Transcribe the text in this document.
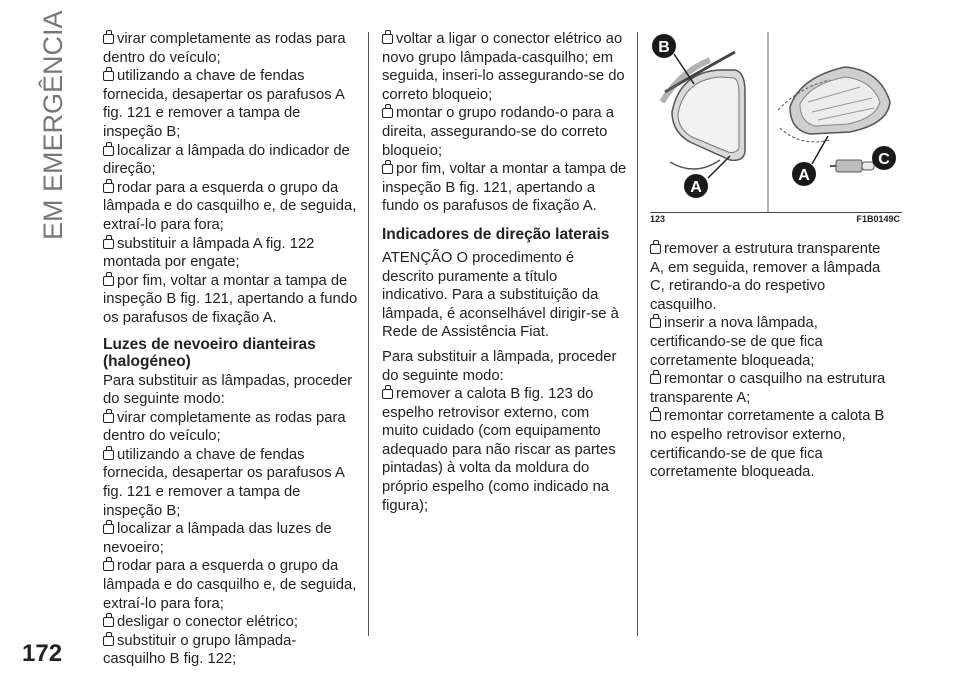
EM EMERGÊNCIA
172

virar completamente as rodas para dentro do veículo;

utilizando a chave de fendas fornecida, desapertar os parafusos A fig. 121 e remover a tampa de inspeção B;

localizar a lâmpada do indicador de direção;

rodar para a esquerda o grupo da lâmpada e do casquilho e, de seguida, extraí-lo para fora;

substituir a lâmpada A fig. 122 montada por engate;

por fim, voltar a montar a tampa de inspeção B fig. 121, apertando a fundo os parafusos de fixação A.

Luzes de nevoeiro dianteiras (halogéneo)

Para substituir as lâmpadas, proceder do seguinte modo:

virar completamente as rodas para dentro do veículo;

utilizando a chave de fendas fornecida, desapertar os parafusos A fig. 121 e remover a tampa de inspeção B;

localizar a lâmpada das luzes de nevoeiro;

rodar para a esquerda o grupo da lâmpada e do casquilho e, de seguida, extraí-lo para fora;

desligar o conector elétrico;

substituir o grupo lâmpada-casquilho B fig. 122;

voltar a ligar o conector elétrico ao novo grupo lâmpada-casquilho; em seguida, inseri-lo assegurando-se do correto bloqueio;

montar o grupo rodando-o para a direita, assegurando-se do correto bloqueio;

por fim, voltar a montar a tampa de inspeção B fig. 121, apertando a fundo os parafusos de fixação A.

Indicadores de direção laterais

ATENÇÃO O procedimento é descrito puramente a título indicativo. Para a substituição da lâmpada, é aconselhável dirigir-se à Rede de Assistência Fiat.

Para substituir a lâmpada, proceder do seguinte modo:

remover a calota B fig. 123 do espelho retrovisor externo, com muito cuidado (com equipamento adequado para não riscar as partes pintadas) à volta da moldura do próprio espelho (como indicado na figura);

B
A
C
A
123	F1B0149C

remover a estrutura transparente A, em seguida, remover a lâmpada C, retirando-a do respetivo casquilho.

inserir a nova lâmpada, certificando-se de que fica corretamente bloqueada;

remontar o casquilho na estrutura transparente A;

remontar corretamente a calota B no espelho retrovisor externo, certificando-se de que fica corretamente bloqueada.
